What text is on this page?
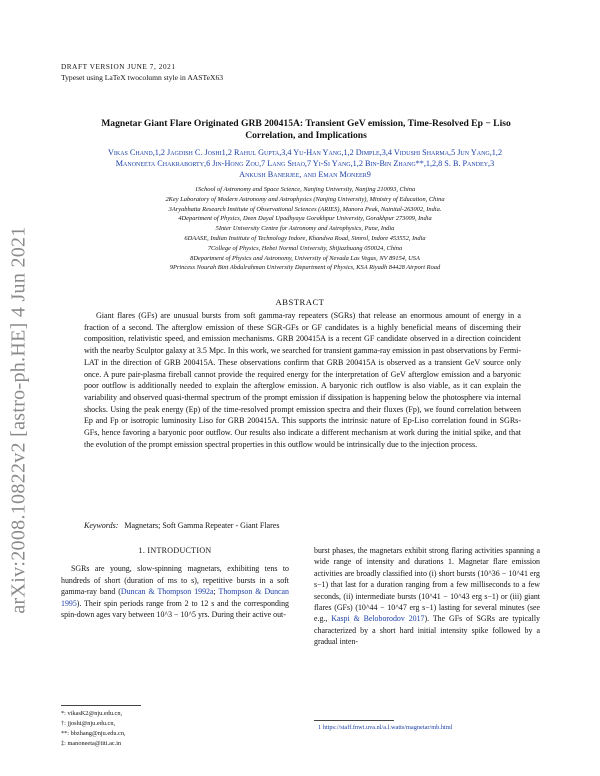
arXiv:2008.10822v2 [astro-ph.HE] 4 Jun 2021
DRAFT VERSION JUNE 7, 2021
Typeset using LaTeX twocolumn style in AASTeX63
Magnetar Giant Flare Originated GRB 200415A: Transient GeV emission, Time-Resolved Ep − Liso
Correlation, and Implications
Vikas Chand,1,2 Jagdish C. Joshi1,2 Rahul Gupta,3,4 Yu-Han Yang,1,2 Dimple,3,4 Vidushi Sharma,5 Jun Yang,1,2
Manoneeta Chakraborty,6 Jin-Hong Zou,7 Lang Shao,7 Yi-Si Yang,1,2 Bin-Bin Zhang**,1,2,8 S. B. Pandey,3
Ankush Banerjee, and Eman Moneer9
1School of Astronomy and Space Science, Nanjing University, Nanjing 210093, China
2Key Laboratory of Modern Astronomy and Astrophysics (Nanjing University), Ministry of Education, China
3Aryabhatta Research Institute of Observational Sciences (ARIES), Manora Peak, Nainital-263002, India.
4Department of Physics, Deen Dayal Upadhyaya Gorakhpur University, Gorakhpur 273009, India
5Inter University Centre for Astronomy and Astrophysics, Pune, India
6DAASE, Indian Institute of Technology Indore, Khandwa Road, Simrol, Indore 453552, India
7College of Physics, Hebei Normal University, Shijiazhuang 050024, China
8Department of Physics and Astronomy, University of Nevada Las Vegas, NV 89154, USA
9Princess Nourah Bint Abdulrahman University Department of Physics, KSA Riyadh 84428 Airport Road
ABSTRACT
Giant flares (GFs) are unusual bursts from soft gamma-ray repeaters (SGRs) that release an enormous amount of energy in a fraction of a second. The afterglow emission of these SGR-GFs or GF candidates is a highly beneficial means of discerning their composition, relativistic speed, and emission mechanisms. GRB 200415A is a recent GF candidate observed in a direction coincident with the nearby Sculptor galaxy at 3.5 Mpc. In this work, we searched for transient gamma-ray emission in past observations by Fermi-LAT in the direction of GRB 200415A. These observations confirm that GRB 200415A is observed as a transient GeV source only once. A pure pair-plasma fireball cannot provide the required energy for the interpretation of GeV afterglow emission and a baryonic poor outflow is additionally needed to explain the afterglow emission. A baryonic rich outflow is also viable, as it can explain the variability and observed quasi-thermal spectrum of the prompt emission if dissipation is happening below the photosphere via internal shocks. Using the peak energy (Ep) of the time-resolved prompt emission spectra and their fluxes (Fp), we found correlation between Ep and Fp or isotropic luminosity Liso for GRB 200415A. This supports the intrinsic nature of Ep-Liso correlation found in SGRs-GFs, hence favoring a baryonic poor outflow. Our results also indicate a different mechanism at work during the initial spike, and that the evolution of the prompt emission spectral properties in this outflow would be intrinsically due to the injection process.
Keywords: Magnetars; Soft Gamma Repeater - Giant Flares
1. INTRODUCTION

SGRs are young, slow-spinning magnetars, exhibiting tens to hundreds of short (duration of ms to s), repetitive bursts in a soft gamma-ray band (Duncan & Thompson 1992a; Thompson & Duncan 1995). Their spin periods range from 2 to 12 s and the corresponding spin-down ages vary between 10^3 − 10^5 yrs. During their active out-

burst phases, the magnetars exhibit strong flaring activities spanning a wide range of intensity and durations 1. Magnetar flare emission activities are broadly classified into (i) short bursts (10^36 − 10^41 erg s−1) that last for a duration ranging from a few milliseconds to a few seconds, (ii) intermediate bursts (10^41 − 10^43 erg s−1) or (iii) giant flares (GFs) (10^44 − 10^47 erg s−1) lasting for several minutes (see e.g., Kaspi & Beloborodov 2017). The GFs of SGRs are typically characterized by a short hard initial intensity spike followed by a gradual inten-

*: vikasK2@nju.edu.cn,
†: jjoshi@nju.edu.cn,
**: bbzhang@nju.edu.cn,
‡: manoneeta@iiti.ac.in
1 https://staff.fnwi.uva.nl/a.l.watts/magnetar/mb.html
